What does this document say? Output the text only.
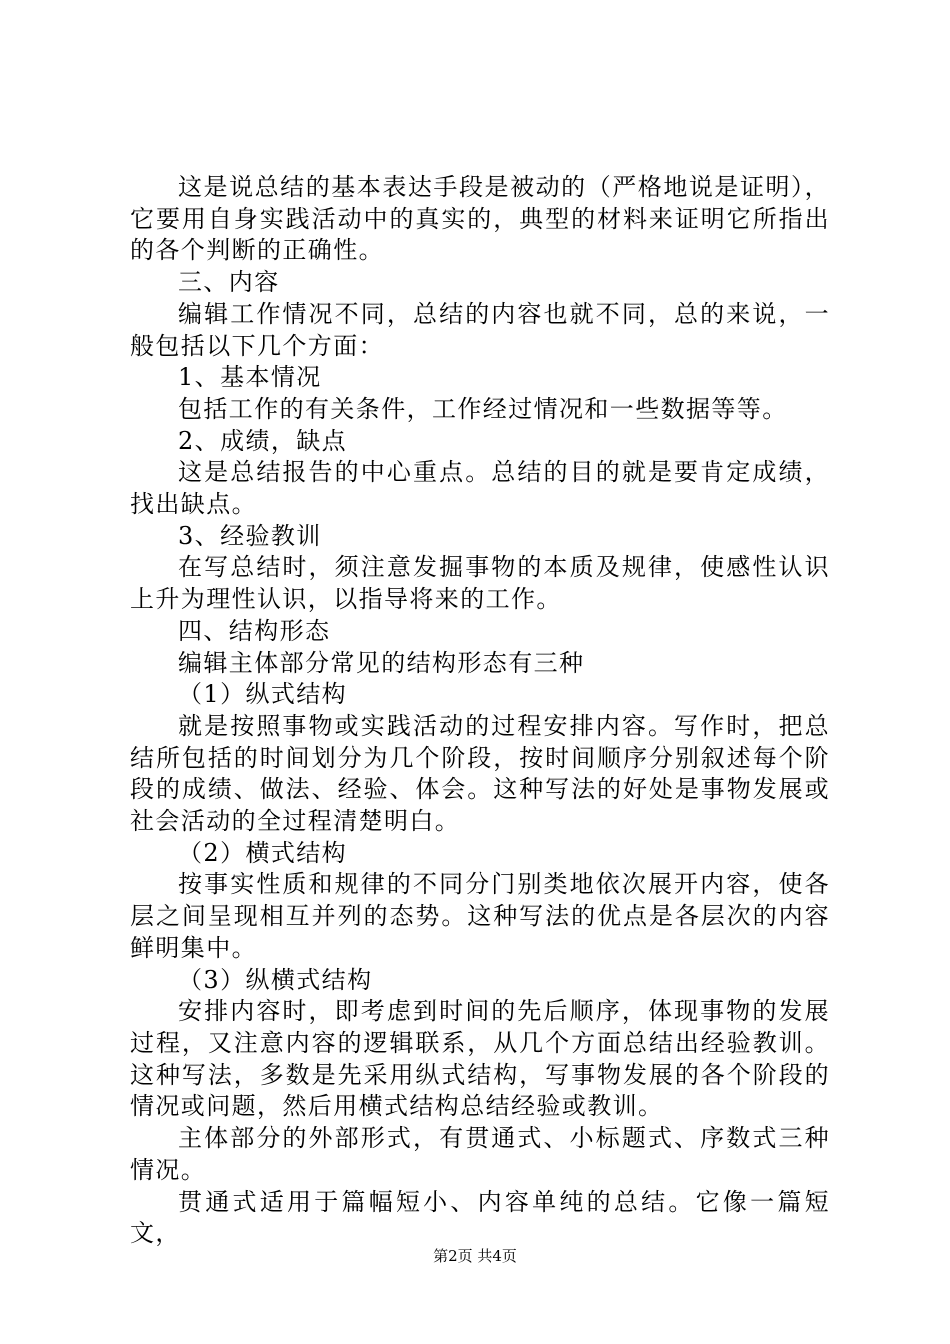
这是说总结的基本表达手段是被动的（严格地说是证明），它要用自身实践活动中的真实的，典型的材料来证明它所指出的各个判断的正确性。

三、内容

编辑工作情况不同，总结的内容也就不同，总的来说，一般包括以下几个方面：

1、基本情况

包括工作的有关条件，工作经过情况和一些数据等等。

2、成绩，缺点

这是总结报告的中心重点。总结的目的就是要肯定成绩，找出缺点。

3、经验教训

在写总结时，须注意发掘事物的本质及规律，使感性认识上升为理性认识，以指导将来的工作。

四、结构形态

编辑主体部分常见的结构形态有三种

（1）纵式结构

就是按照事物或实践活动的过程安排内容。写作时，把总结所包括的时间划分为几个阶段，按时间顺序分别叙述每个阶段的成绩、做法、经验、体会。这种写法的好处是事物发展或社会活动的全过程清楚明白。

（2）横式结构

按事实性质和规律的不同分门别类地依次展开内容，使各层之间呈现相互并列的态势。这种写法的优点是各层次的内容鲜明集中。

（3）纵横式结构

安排内容时，即考虑到时间的先后顺序，体现事物的发展过程，又注意内容的逻辑联系，从几个方面总结出经验教训。这种写法，多数是先采用纵式结构，写事物发展的各个阶段的情况或问题，然后用横式结构总结经验或教训。

主体部分的外部形式，有贯通式、小标题式、序数式三种情况。

贯通式适用于篇幅短小、内容单纯的总结。它像一篇短文，

第2页 共4页
